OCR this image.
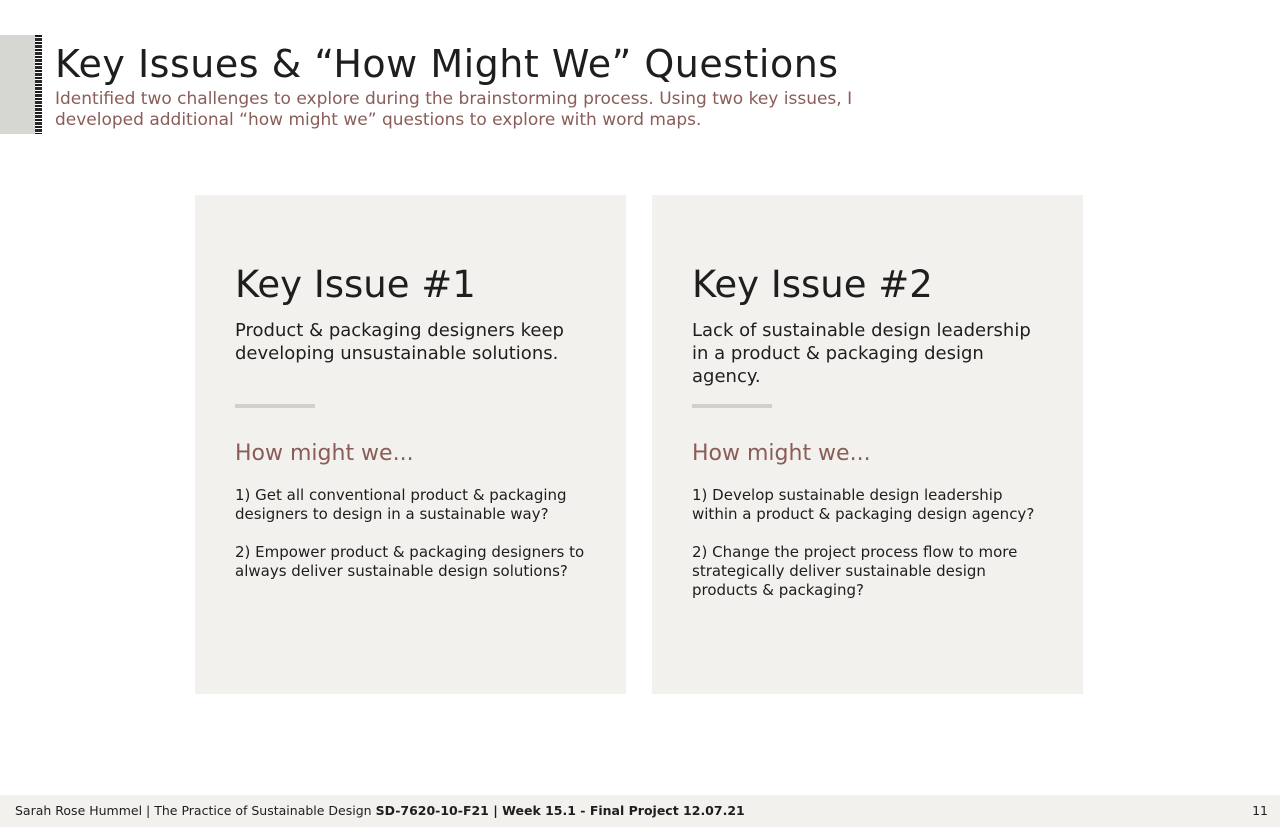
Key Issues & “How Might We” Questions
Identified two challenges to explore during the brainstorming process. Using two key issues, I developed additional “how might we” questions to explore with word maps.
Key Issue #1
Product & packaging designers keep developing unsustainable solutions.
How might we...

1) Get all conventional product & packaging designers to design in a sustainable way?

2) Empower product & packaging designers to always deliver sustainable design solutions?

Key Issue #2
Lack of sustainable design leadership in a product & packaging design agency.
How might we...

1) Develop sustainable design leadership within a product & packaging design agency?

2) Change the project process flow to more strategically deliver sustainable design products & packaging?

Sarah Rose Hummel | The Practice of Sustainable Design SD-7620-10-F21 | Week 15.1 - Final Project 12.07.21	11
